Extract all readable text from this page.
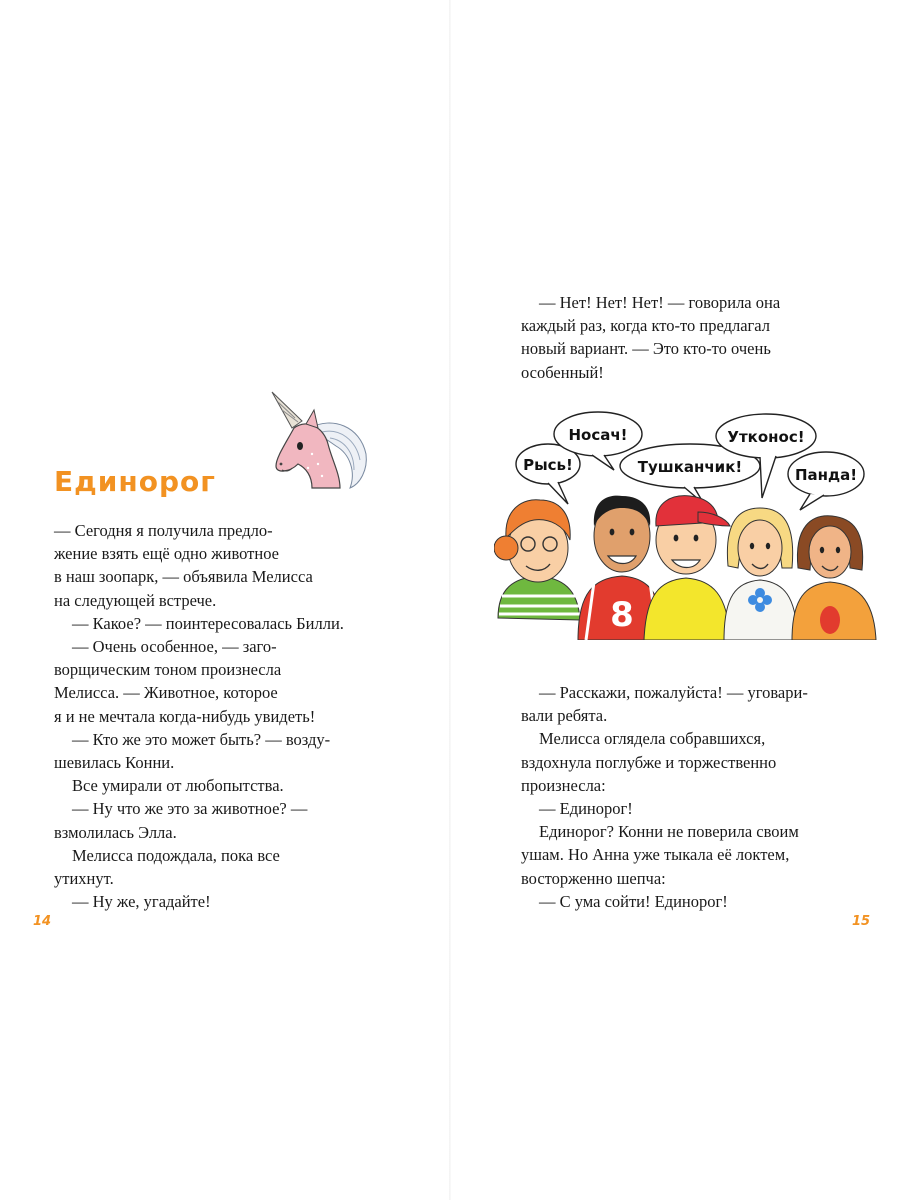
Единорог

— Сегодня я получила предло-

жение взять ещё одно животное

в наш зоопарк, — объявила Мелисса

на следующей встрече.

— Какое? — поинтересовалась Билли.

— Очень особенное, — заго-

ворщическим тоном произнесла

Мелисса. — Животное, которое

я и не мечтала когда-нибудь увидеть!

— Кто же это может быть? — возду-

шевилась Конни.

Все умирали от любопытства.

— Ну что же это за животное? —

взмолилась Элла.

Мелисса подождала, пока все

утихнут.

— Ну же, угадайте!

14	15

— Нет! Нет! Нет! — говорила она

каждый раз, когда кто-то предлагал

новый вариант. — Это кто-то очень

особенный!

Рысь!
Носач!
Тушканчик!
Утконос!
Панда!
8

— Расскажи, пожалуйста! — уговари-

вали ребята.

Мелисса оглядела собравшихся,

вздохнула поглубже и торжественно

произнесла:

— Единорог!

Единорог? Конни не поверила своим

ушам. Но Анна уже тыкала её локтем,

восторженно шепча:

— С ума сойти! Единорог!
